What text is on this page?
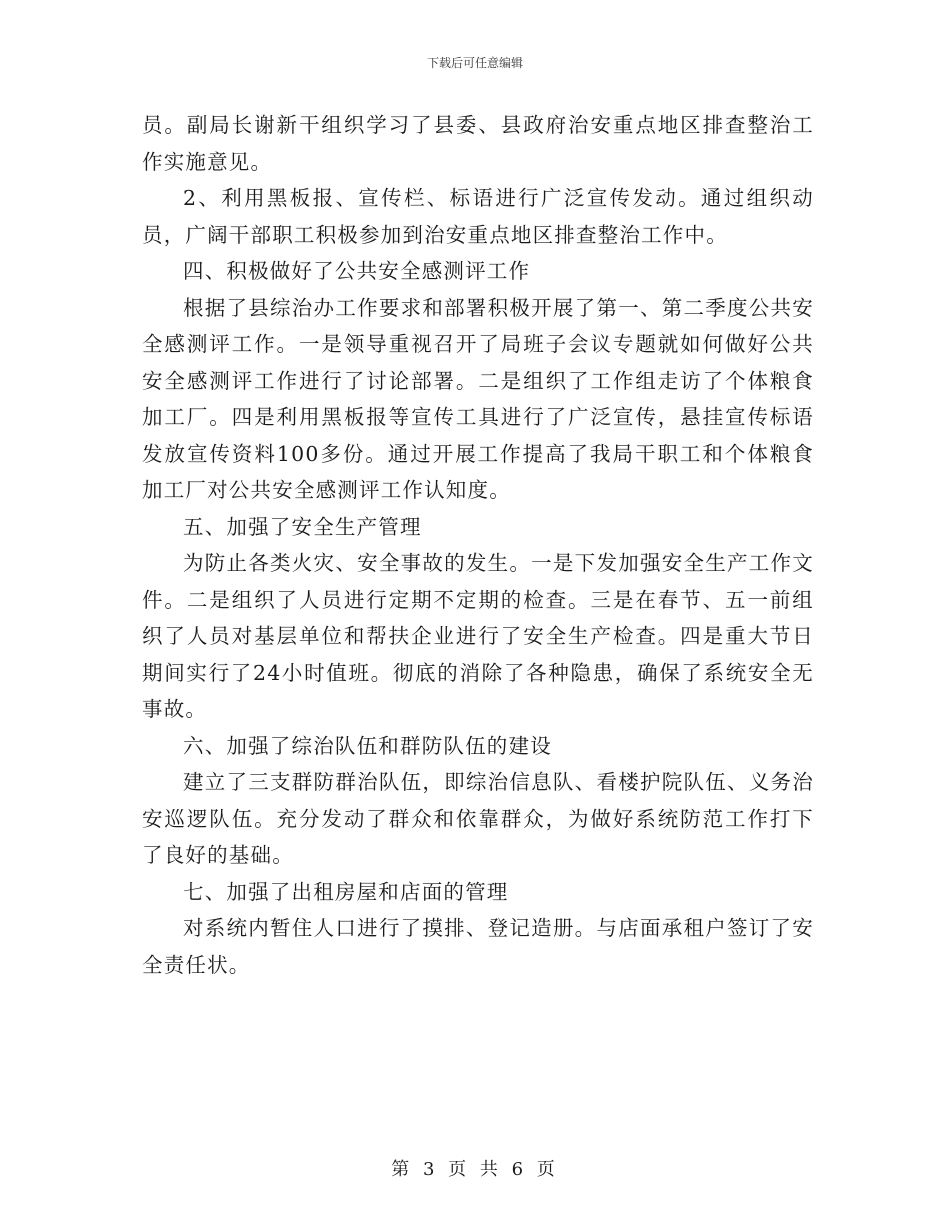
下载后可任意编辑

员。副局长谢新干组织学习了县委、县政府治安重点地区排查整治工作实施意见。

2、利用黑板报、宣传栏、标语进行广泛宣传发动。通过组织动员，广阔干部职工积极参加到治安重点地区排查整治工作中。

四、积极做好了公共安全感测评工作

根据了县综治办工作要求和部署积极开展了第一、第二季度公共安全感测评工作。一是领导重视召开了局班子会议专题就如何做好公共安全感测评工作进行了讨论部署。二是组织了工作组走访了个体粮食加工厂。四是利用黑板报等宣传工具进行了广泛宣传，悬挂宣传标语发放宣传资料100多份。通过开展工作提高了我局干职工和个体粮食加工厂对公共安全感测评工作认知度。

五、加强了安全生产管理

为防止各类火灾、安全事故的发生。一是下发加强安全生产工作文件。二是组织了人员进行定期不定期的检查。三是在春节、五一前组织了人员对基层单位和帮扶企业进行了安全生产检查。四是重大节日期间实行了24小时值班。彻底的消除了各种隐患，确保了系统安全无事故。

六、加强了综治队伍和群防队伍的建设

建立了三支群防群治队伍，即综治信息队、看楼护院队伍、义务治安巡逻队伍。充分发动了群众和依靠群众，为做好系统防范工作打下了良好的基础。

七、加强了出租房屋和店面的管理

对系统内暂住人口进行了摸排、登记造册。与店面承租户签订了安全责任状。

第 3 页 共 6 页
